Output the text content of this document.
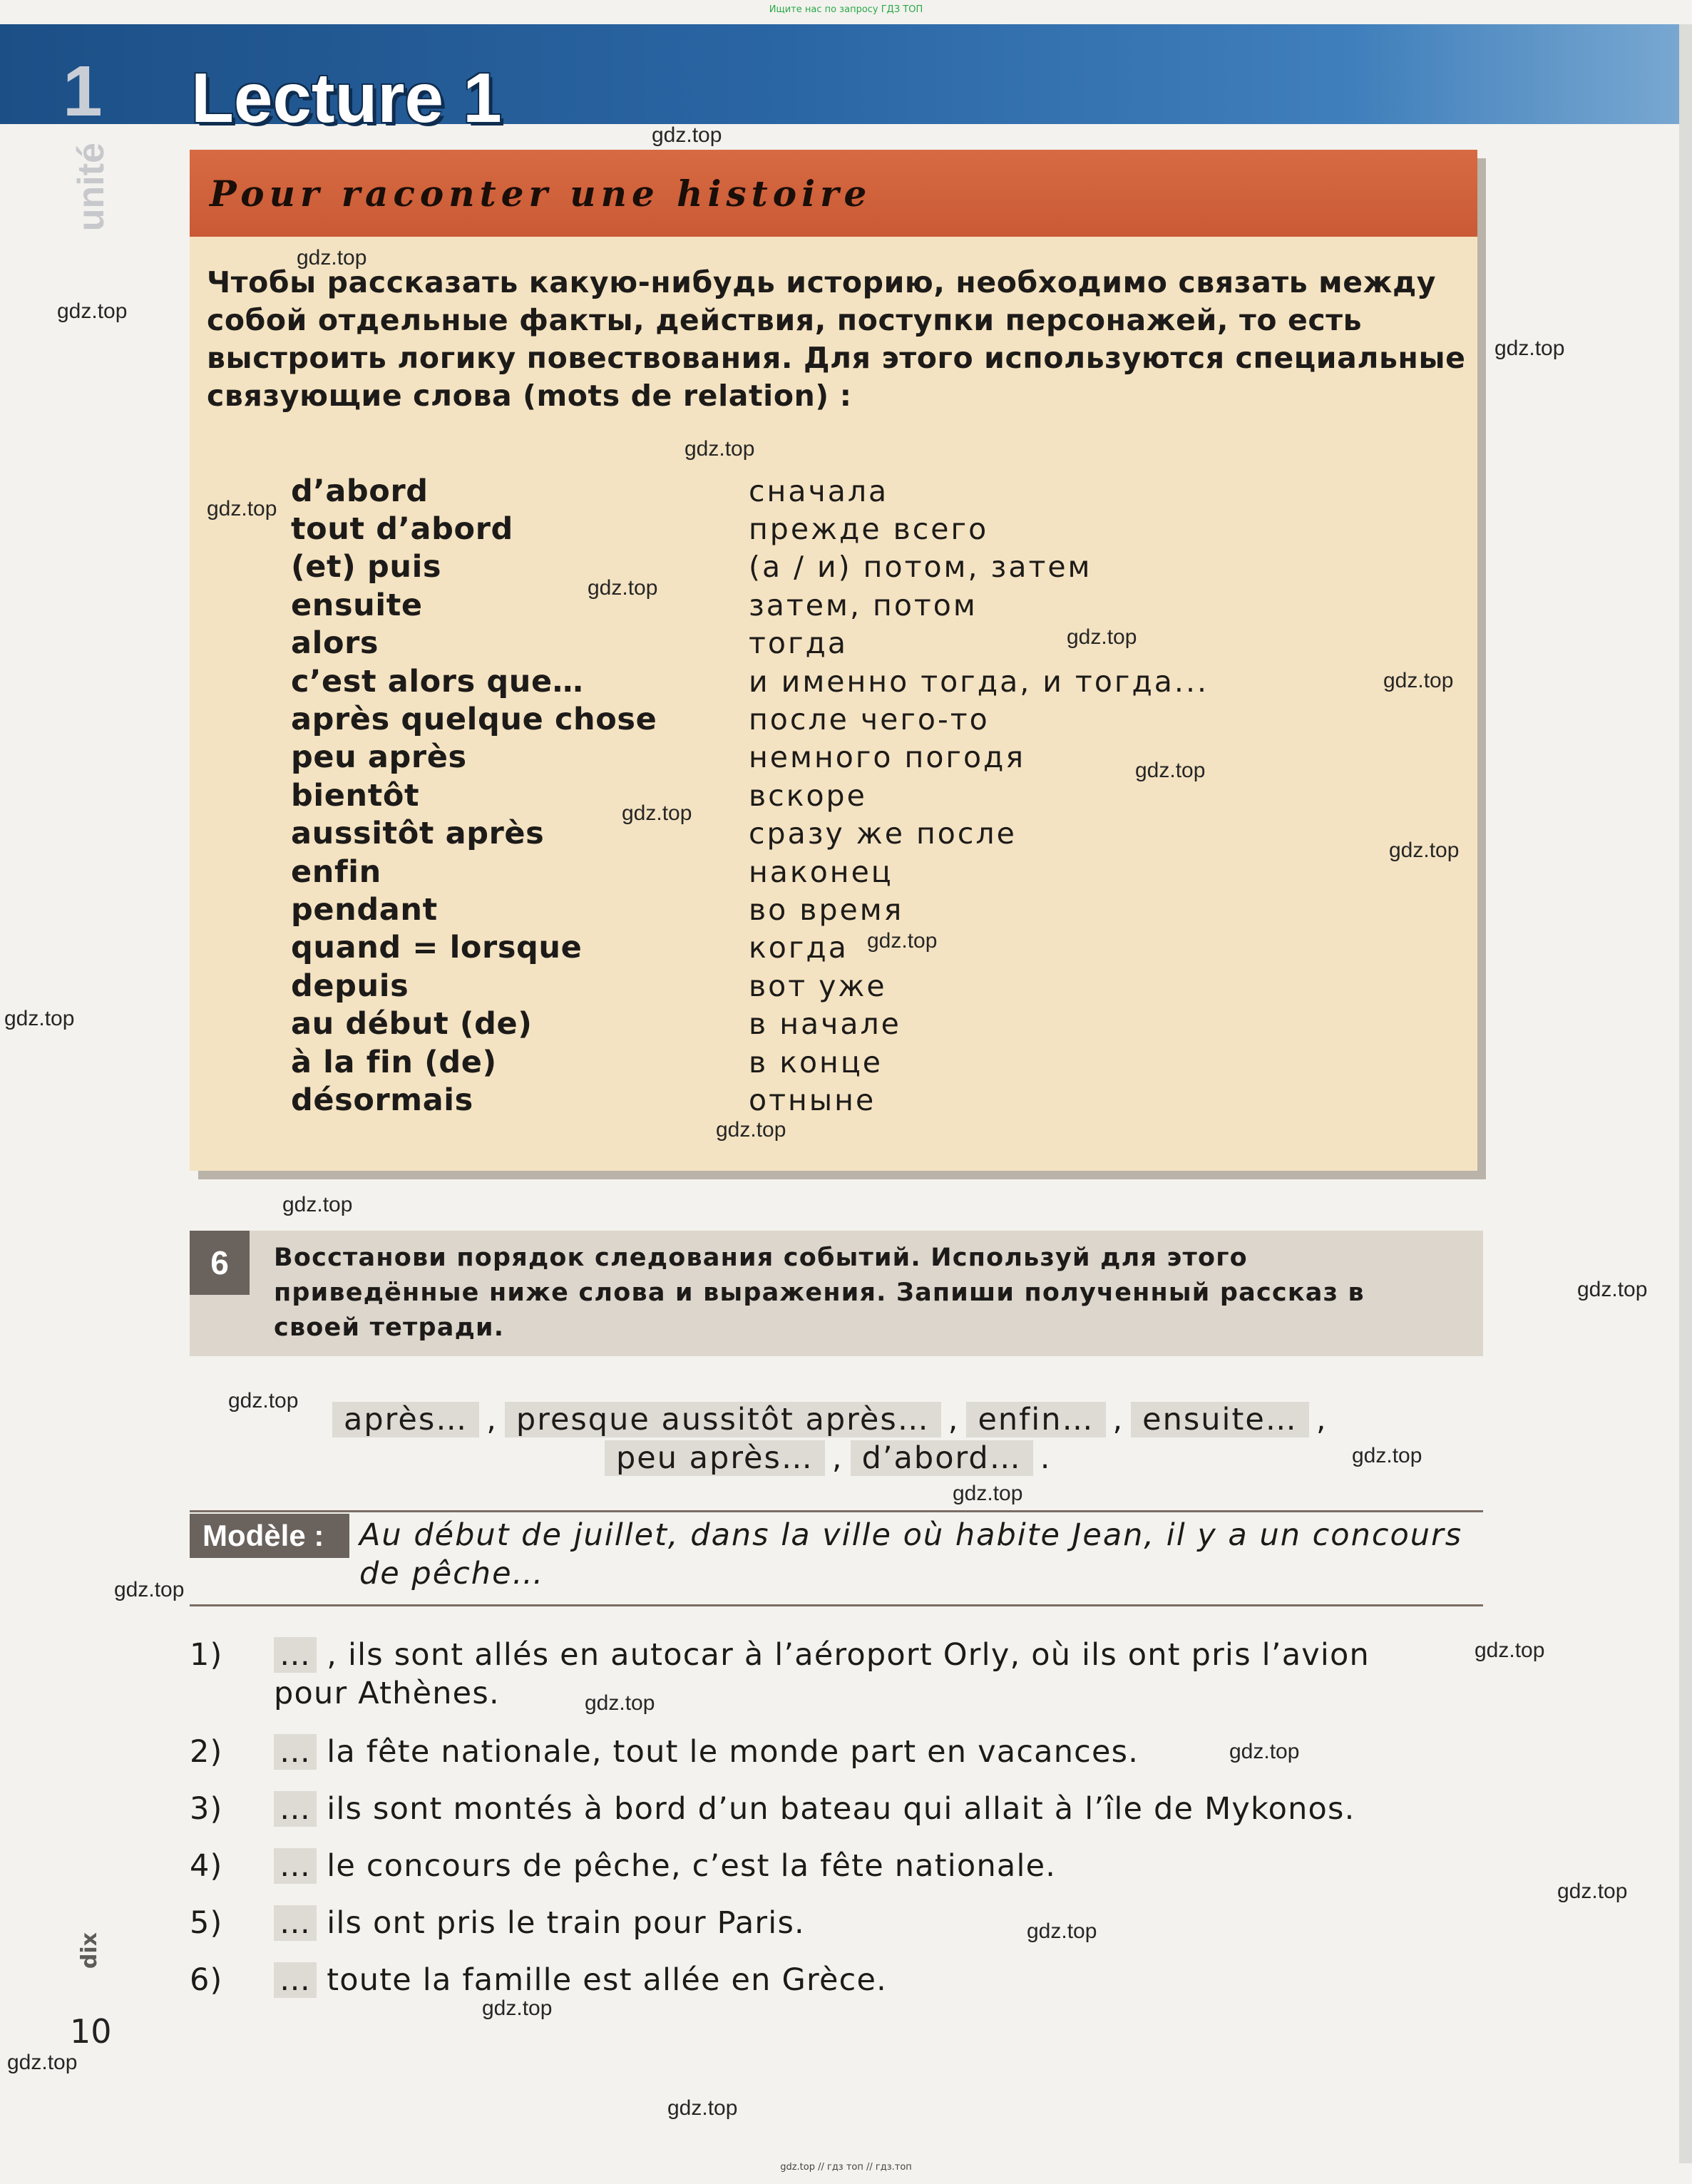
Ищите нас по запросу ГДЗ ТОП
1
unité
Lecture 1
Pour raconter une histoire
Чтобы рассказать какую-нибудь историю, необходимо связать между собой отдельные факты, действия, поступки персонажей, то есть выстроить логику повествования. Для этого используются специальные связующие слова (mots de relation) :
d’abord	сначала
tout d’abord	прежде всего
(et) puis	(а / и) потом, затем
ensuite	затем, потом
alors	тогда
c’est alors que…	и именно тогда, и тогда...
après quelque chose	после чего-то
peu après	немного погодя
bientôt	вскоре
aussitôt après	сразу же после
enfin	наконец
pendant	во время
quand = lorsque	когда
depuis	вот уже
au début (de)	в начале
à la fin (de)	в конце
désormais	отныне
6	Восстанови порядок следования событий. Используй для этого приведённые ниже слова и выражения. Запиши полученный рассказ в своей тетради.
après… , presque aussitôt après… , enfin… , ensuite… ,
peu après… , d’abord… .
Modèle :	Au début de juillet, dans la ville où habite Jean, il y a un concours de pêche…
1) … , ils sont allés en autocar à l’aéroport Orly, où ils ont pris l’avion
pour Athènes.
2) … la fête nationale, tout le monde part en vacances.
3) … ils sont montés à bord d’un bateau qui allait à l’île de Mykonos.
4) … le concours de pêche, c’est la fête nationale.
5) … ils ont pris le train pour Paris.
6) … toute la famille est allée en Grèce.
dix
10
gdz.top
gdz.top
gdz.top
gdz.top
gdz.top
gdz.top
gdz.top
gdz.top
gdz.top
gdz.top
gdz.top
gdz.top
gdz.top
gdz.top
gdz.top
gdz.top
gdz.top
gdz.top
gdz.top
gdz.top
gdz.top
gdz.top
gdz.top
gdz.top
gdz.top
gdz.top
gdz.top
gdz.top
gdz.top
gdz.top // гдз топ // гдз.топ
